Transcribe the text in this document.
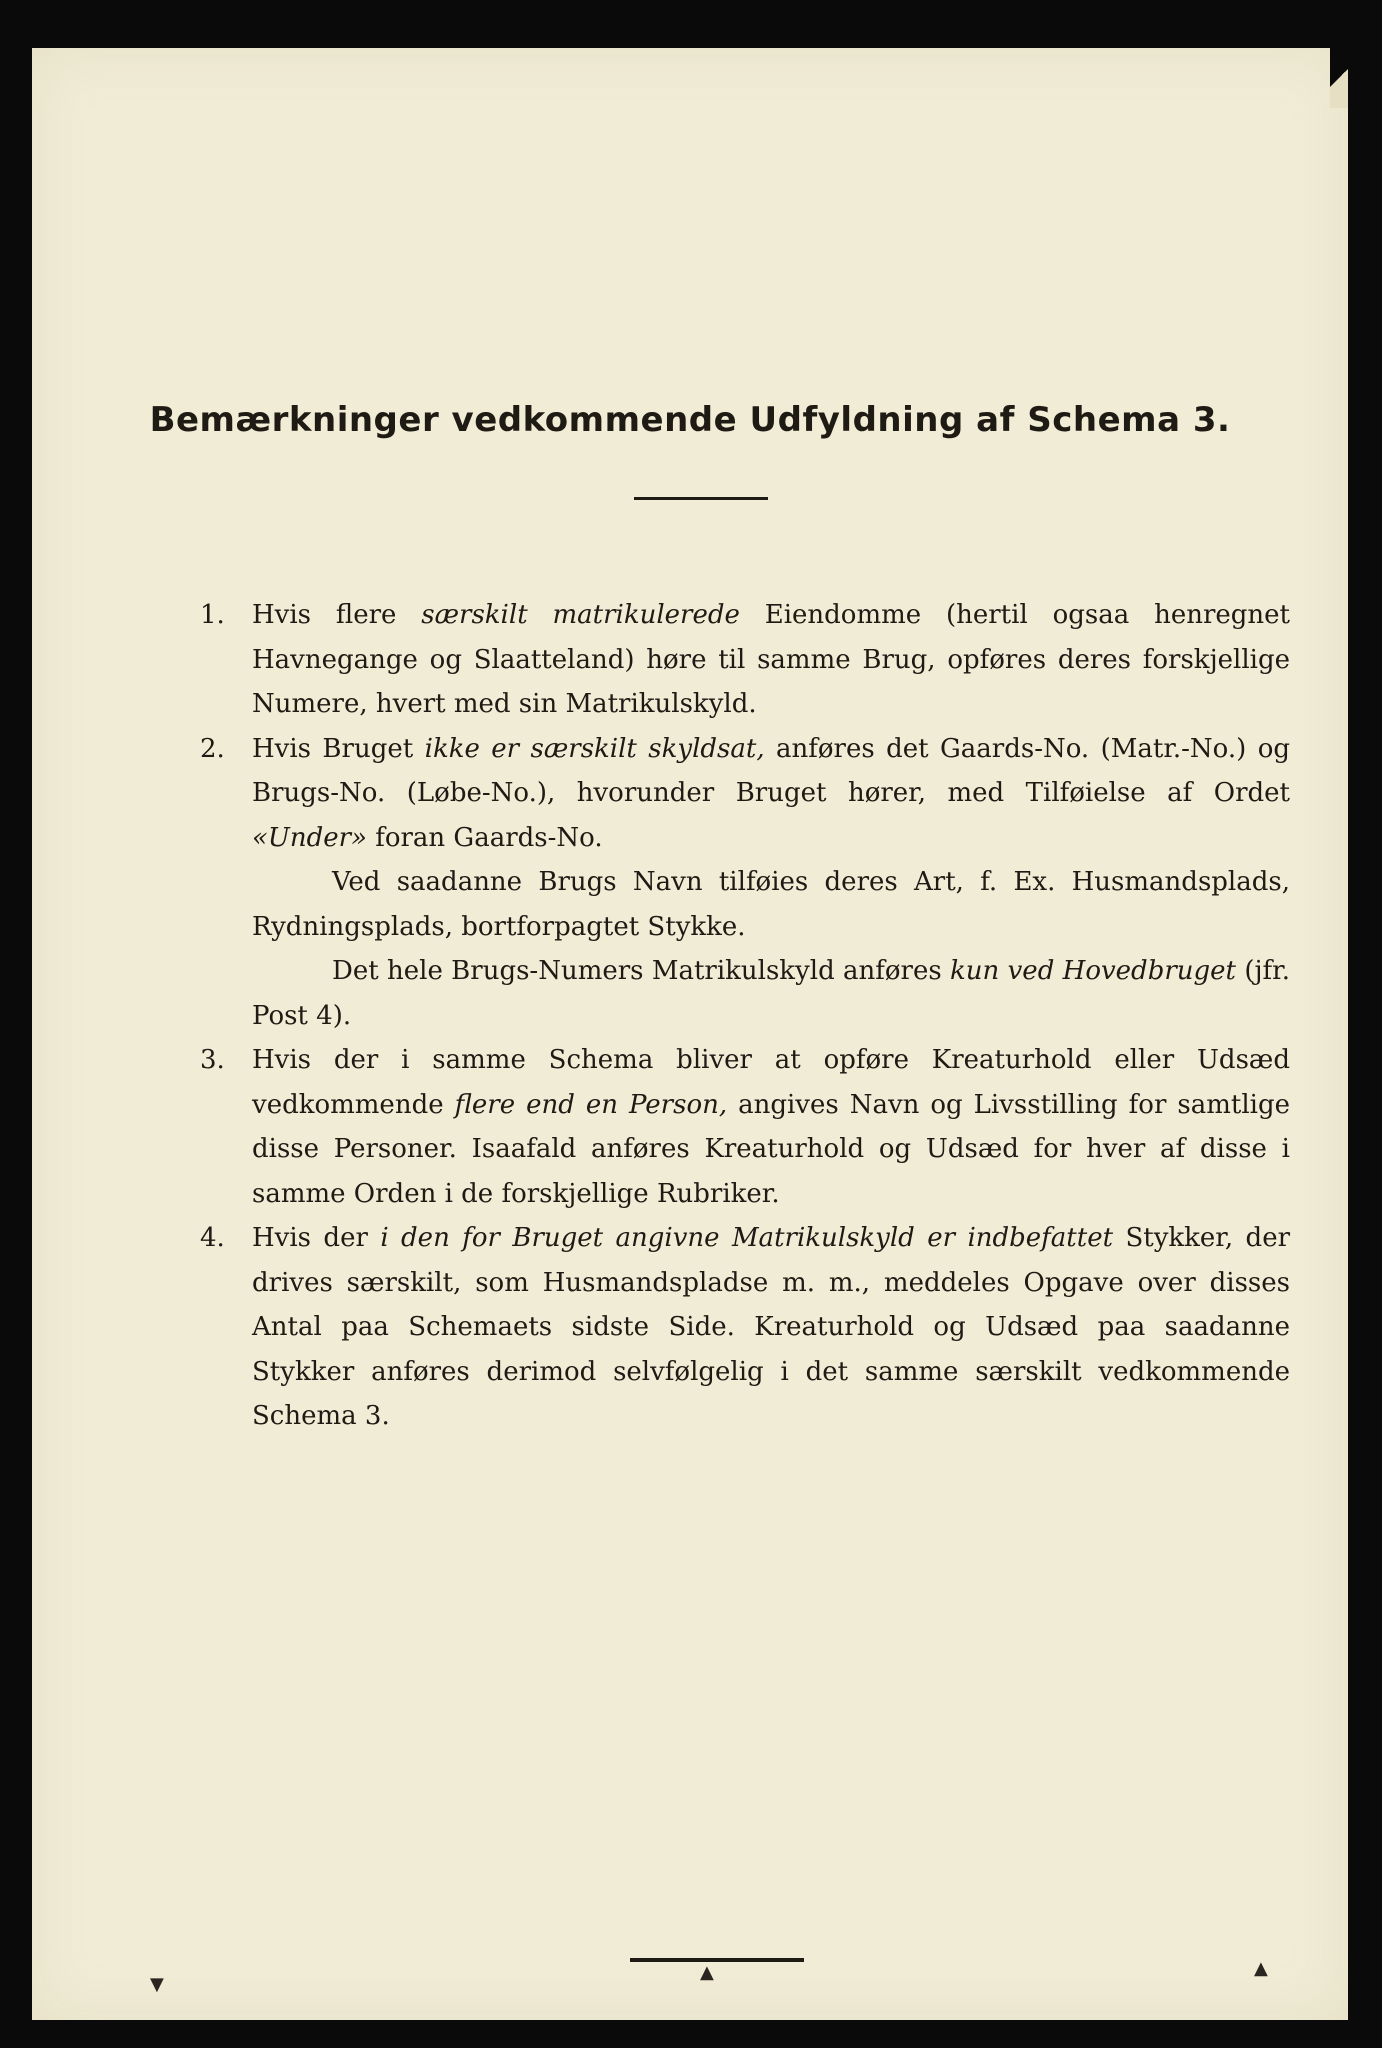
Bemærkninger vedkommende Udfyldning af Schema 3.
1. Hvis flere særskilt matrikulerede Eiendomme (hertil ogsaa henregnet Havnegange og Slaatteland) høre til samme Brug, opføres deres forskjellige Numere, hvert med sin Matrikulskyld.
2. Hvis Bruget ikke er særskilt skyldsat, anføres det Gaards-No. (Matr.-No.) og Brugs-No. (Løbe-No.), hvorunder Bruget hører, med Tilføielse af Ordet «Under» foran Gaards-No.
Ved saadanne Brugs Navn tilføies deres Art, f. Ex. Husmandsplads, Rydningsplads, bortforpagtet Stykke.
Det hele Brugs-Numers Matrikulskyld anføres kun ved Hovedbruget (jfr. Post 4).
3. Hvis der i samme Schema bliver at opføre Kreaturhold eller Udsæd vedkommende flere end en Person, angives Navn og Livsstilling for samtlige disse Personer. Isaafald anføres Kreaturhold og Udsæd for hver af disse i samme Orden i de forskjellige Rubriker.
4. Hvis der i den for Bruget angivne Matrikulskyld er indbefattet Stykker, der drives særskilt, som Husmandspladse m. m., meddeles Opgave over disses Antal paa Schemaets sidste Side. Kreaturhold og Udsæd paa saadanne Stykker anføres derimod selvfølgelig i det samme særskilt vedkommende Schema 3.
▼
▲	▲
